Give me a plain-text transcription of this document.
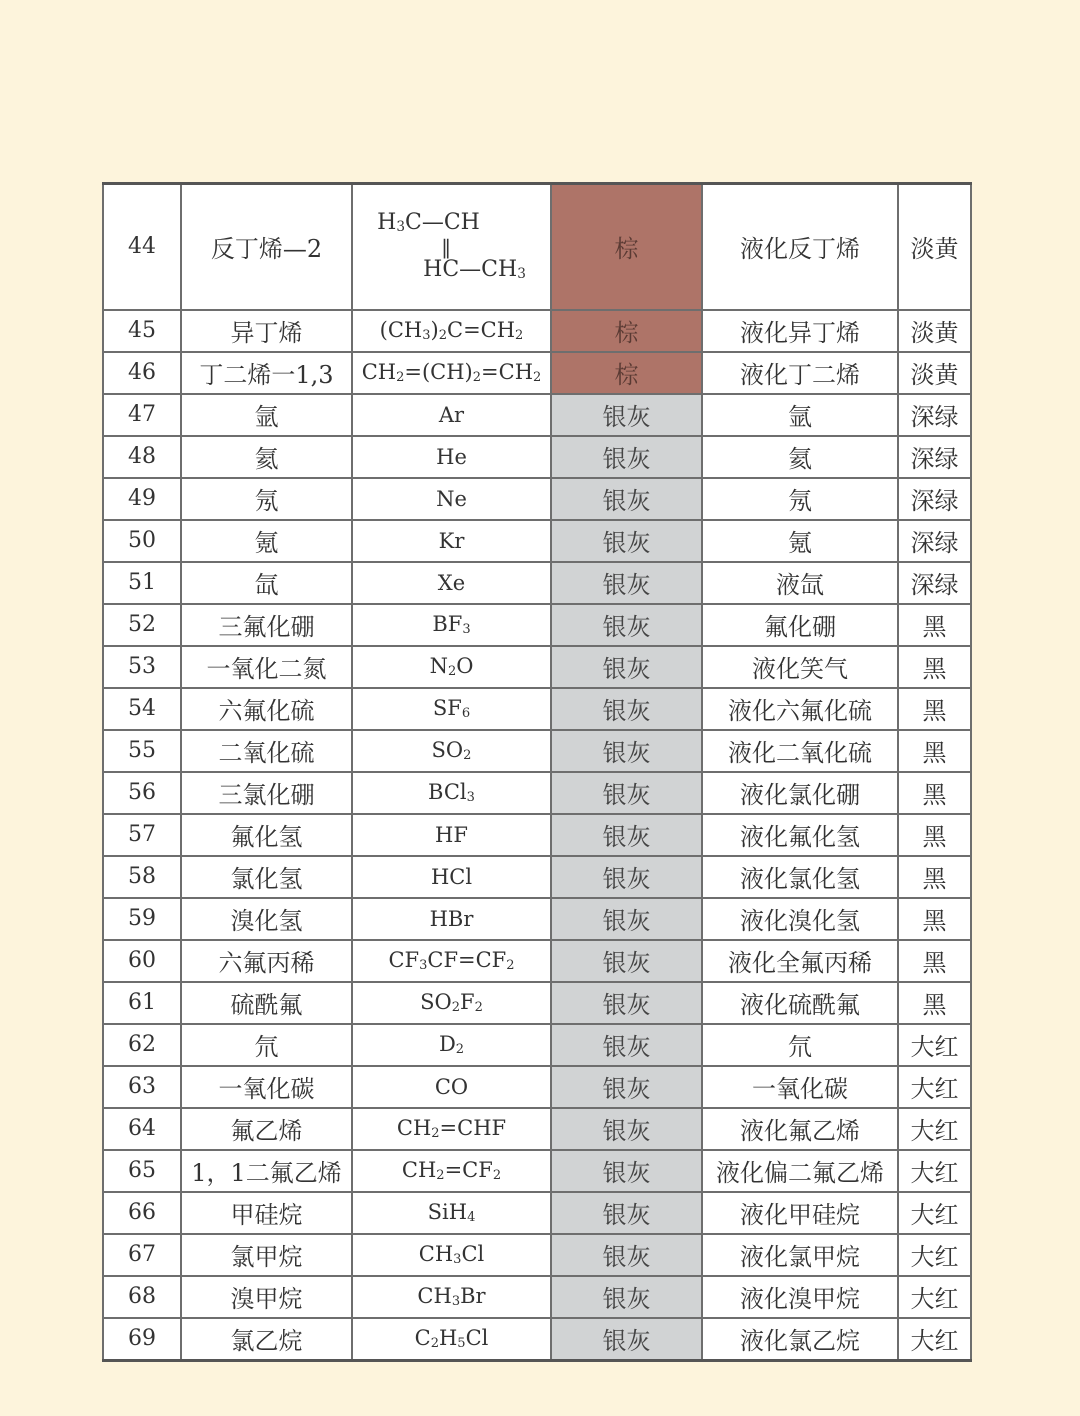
44	反丁烯—2	$H_3C—CH$
‖
$HC—CH_3$	棕	液化反丁烯	淡黄
45	异丁烯	$(CH_3)_2C=CH_2$	棕	液化异丁烯	淡黄
46	丁二烯一1,3	$CH_2=(CH)_2=CH_2$	棕	液化丁二烯	淡黄
47	氩	Ar	银灰	氩	深绿
48	氦	He	银灰	氦	深绿
49	氖	Ne	银灰	氖	深绿
50	氪	Kr	银灰	氪	深绿
51	氙	Xe	银灰	液氙	深绿
52	三氟化硼	$BF_3$	银灰	氟化硼	黑
53	一氧化二氮	$N_2O$	银灰	液化笑气	黑
54	六氟化硫	$SF_6$	银灰	液化六氟化硫	黑
55	二氧化硫	$SO_2$	银灰	液化二氧化硫	黑
56	三氯化硼	BCl$_3$	银灰	液化氯化硼	黑
57	氟化氢	HF	银灰	液化氟化氢	黑
58	氯化氢	HCl	银灰	液化氯化氢	黑
59	溴化氢	HBr	银灰	液化溴化氢	黑
60	六氟丙稀	$CF_3CF=CF_2$	银灰	液化全氟丙稀	黑
61	硫酰氟	$SO_2F_2$	银灰	液化硫酰氟	黑
62	氘	$D_2$	银灰	氘	大红
63	一氧化碳	CO	银灰	一氧化碳	大红
64	氟乙烯	$CH_2=CHF$	银灰	液化氟乙烯	大红
65	1，1二氟乙烯	$CH_2=CF_2$	银灰	液化偏二氟乙烯	大红
66	甲硅烷	SiH$_4$	银灰	液化甲硅烷	大红
67	氯甲烷	$CH_3Cl$	银灰	液化氯甲烷	大红
68	溴甲烷	$CH_3Br$	银灰	液化溴甲烷	大红
69	氯乙烷	$C_2H_5Cl$	银灰	液化氯乙烷	大红
